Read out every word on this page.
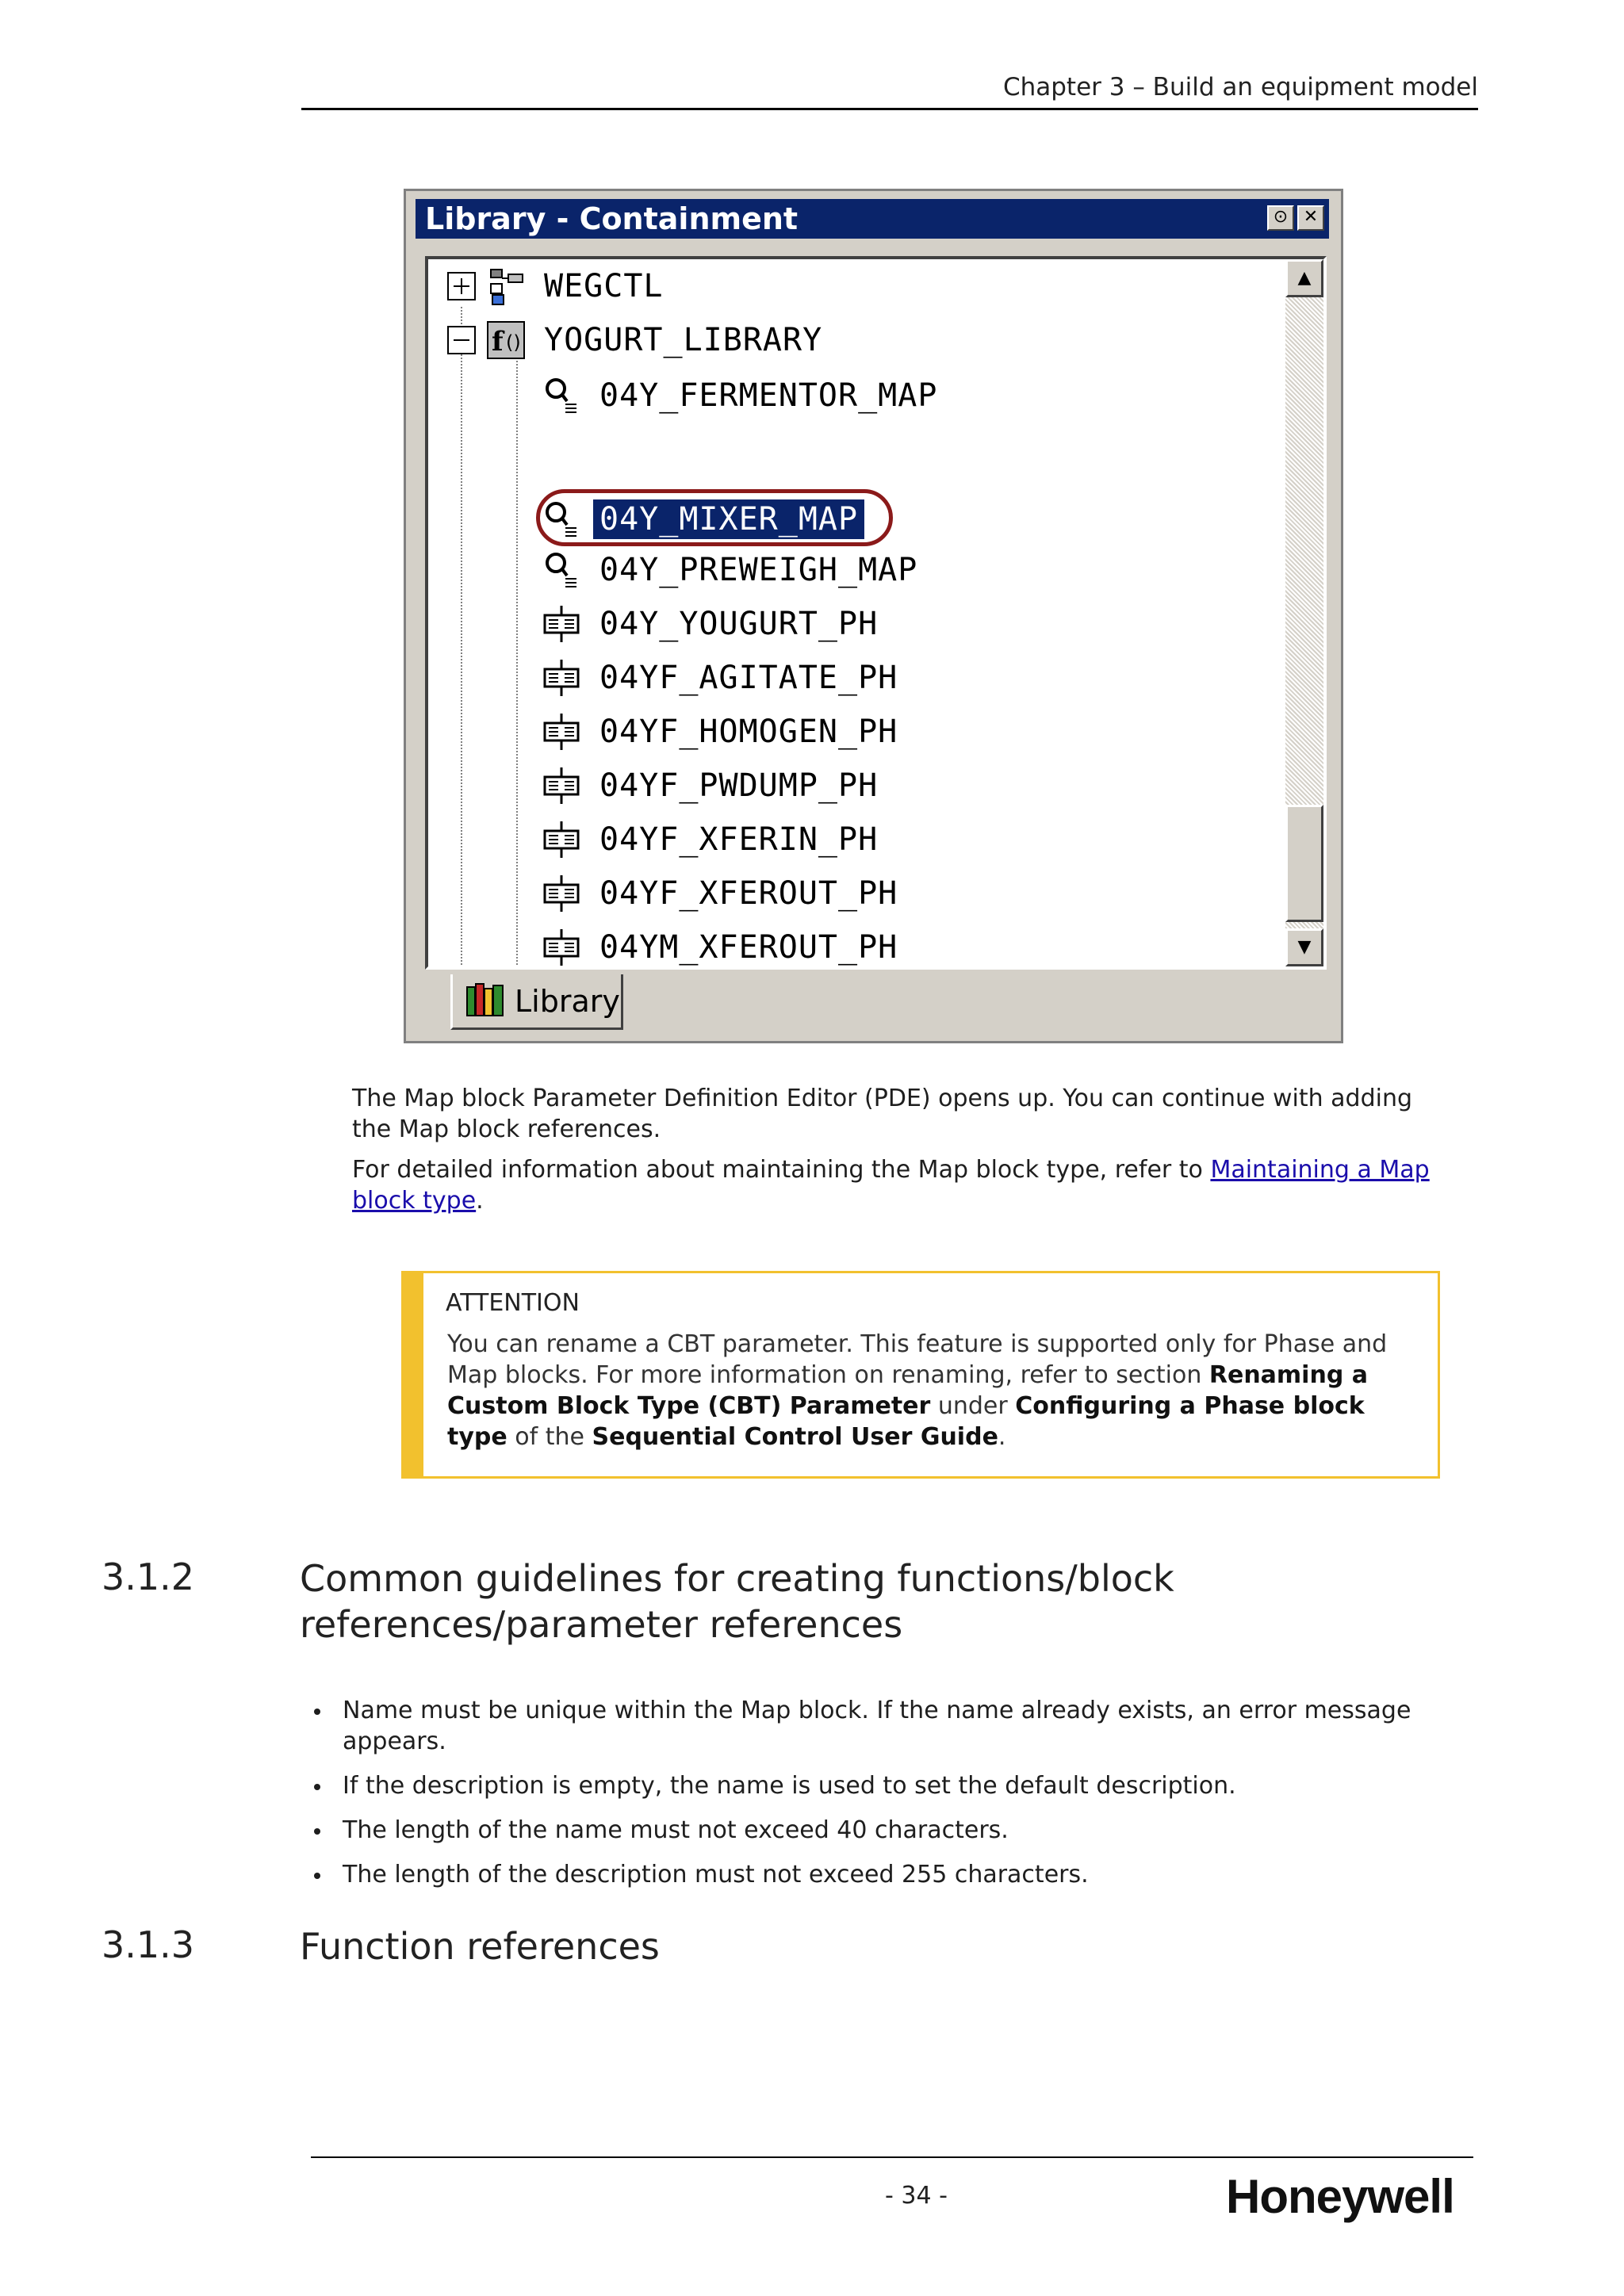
Chapter 3 – Build an equipment model
Library - Containment	⊙ ✕
WEGCTL
f () YOGURT_LIBRARY
04Y_FERMENTOR_MAP
04Y_MIXER_MAP
04Y_PREWEIGH_MAP
04Y_YOUGURT_PH
04YF_AGITATE_PH
04YF_HOMOGEN_PH
04YF_PWDUMP_PH
04YF_XFERIN_PH
04YF_XFEROUT_PH
04YM_XFEROUT_PH
▲
▼
Library
The Map block Parameter Definition Editor (PDE) opens up. You can continue with adding the Map block references.
For detailed information about maintaining the Map block type, refer to Maintaining a Map block type.
ATTENTION
You can rename a CBT parameter. This feature is supported only for Phase and Map blocks. For more information on renaming, refer to section Renaming a Custom Block Type (CBT) Parameter under Configuring a Phase block type of the Sequential Control User Guide.
3.1.2	Common guidelines for creating functions/block references/parameter references
Name must be unique within the Map block. If the name already exists, an error message appears.
If the description is empty, the name is used to set the default description.
The length of the name must not exceed 40 characters.
The length of the description must not exceed 255 characters.
3.1.3	Function references
- 34 -	Honeywell
